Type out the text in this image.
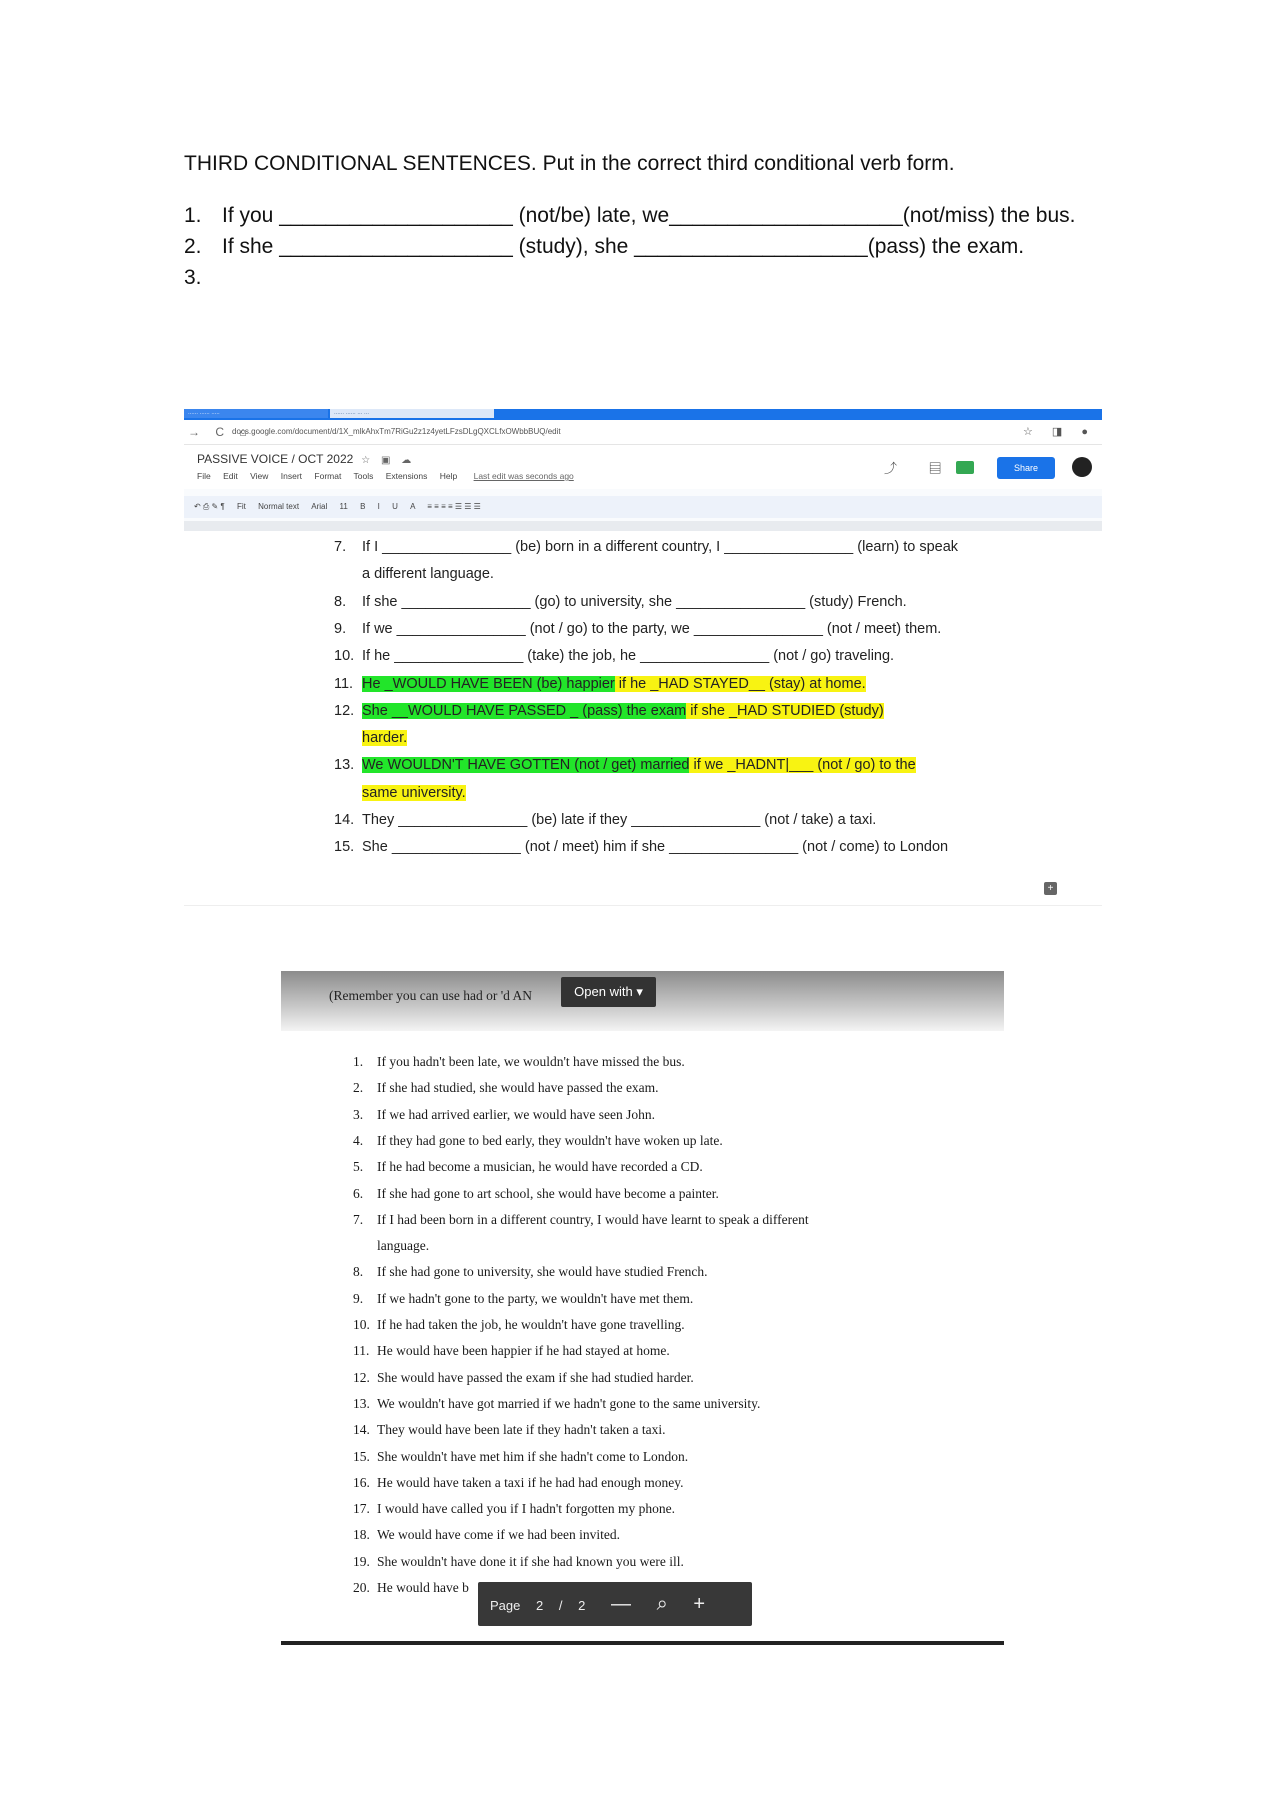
THIRD CONDITIONAL SENTENCES. Put in the correct third conditional verb form.
1. If you ____________________ (not/be) late, we____________________(not/miss) the bus.
2. If she ____________________ (study), she ____________________(pass) the exam.
3.
...... ...... .....	...... ...... ... ...
→ C ⌂
docs.google.com/document/d/1X_mlkAhxTm7RiGu2z1z4yetLFzsDLgQXCLfxOWbbBUQ/edit	☆ ◨ ●
PASSIVE VOICE / OCT 2022 ☆ ▣ ☁
File Edit View Insert Format Tools Extensions Help Last edit was seconds ago	⤴ ▤	Share
↶ ⎙ ✎ ¶ Fit Normal text Arial 11 B I U A ≡ ≡ ≡ ≡ ☰ ☰ ☰
7. If I ________________ (be) born in a different country, I ________________ (learn) to speak
a different language.
8. If she ________________ (go) to university, she ________________ (study) French.
9. If we ________________ (not / go) to the party, we ________________ (not / meet) them.
10. If he ________________ (take) the job, he ________________ (not / go) traveling.
11. He _WOULD HAVE BEEN (be) happier if he _HAD STAYED__ (stay) at home.
12. She __WOULD HAVE PASSED _ (pass) the exam if she _HAD STUDIED (study)
harder.
13. We WOULDN'T HAVE GOTTEN (not / get) married if we _HADNT|___ (not / go) to the
same university.
14. They ________________ (be) late if they ________________ (not / take) a taxi.
15. She ________________ (not / meet) him if she ________________ (not / come) to London
+
(Remember you can use had or 'd AN	Open with ▾
1. If you hadn't been late, we wouldn't have missed the bus.
2. If she had studied, she would have passed the exam.
3. If we had arrived earlier, we would have seen John.
4. If they had gone to bed early, they wouldn't have woken up late.
5. If he had become a musician, he would have recorded a CD.
6. If she had gone to art school, she would have become a painter.
7. If I had been born in a different country, I would have learnt to speak a different
language.
8. If she had gone to university, she would have studied French.
9. If we hadn't gone to the party, we wouldn't have met them.
10. If he had taken the job, he wouldn't have gone travelling.
11. He would have been happier if he had stayed at home.
12. She would have passed the exam if she had studied harder.
13. We wouldn't have got married if we hadn't gone to the same university.
14. They would have been late if they hadn't taken a taxi.
15. She wouldn't have met him if she hadn't come to London.
16. He would have taken a taxi if he had had enough money.
17. I would have called you if I hadn't forgotten my phone.
18. We would have come if we had been invited.
19. She wouldn't have done it if she had known you were ill.
20. He would have b
Page 2 / 2 — ⌕ +
